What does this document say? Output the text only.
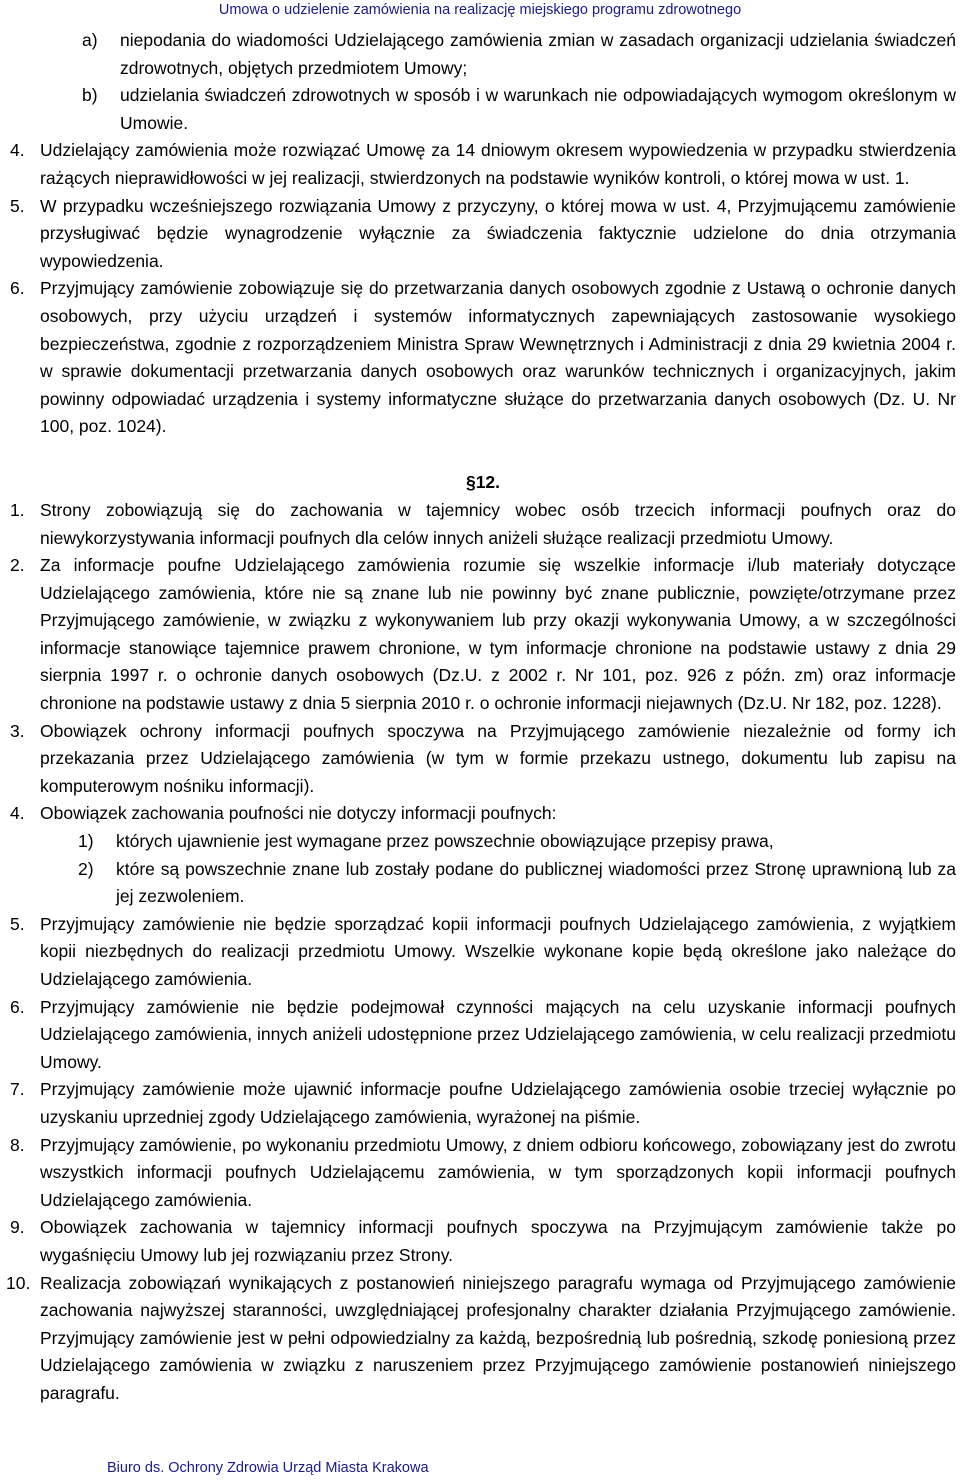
Umowa o udzielenie zamówienia na realizację miejskiego programu zdrowotnego
a) niepodania do wiadomości Udzielającego zamówienia zmian w zasadach organizacji udzielania świadczeń zdrowotnych, objętych przedmiotem Umowy;
b) udzielania świadczeń zdrowotnych w sposób i w warunkach nie odpowiadających wymogom określonym w Umowie.
4. Udzielający zamówienia może rozwiązać Umowę za 14 dniowym okresem wypowiedzenia w przypadku stwierdzenia rażących nieprawidłowości w jej realizacji, stwierdzonych na podstawie wyników kontroli, o której mowa w ust. 1.
5. W przypadku wcześniejszego rozwiązania Umowy z przyczyny, o której mowa w ust. 4, Przyjmującemu zamówienie przysługiwać będzie wynagrodzenie wyłącznie za świadczenia faktycznie udzielone do dnia otrzymania wypowiedzenia.
6. Przyjmujący zamówienie zobowiązuje się do przetwarzania danych osobowych zgodnie z Ustawą o ochronie danych osobowych, przy użyciu urządzeń i systemów informatycznych zapewniających zastosowanie wysokiego bezpieczeństwa, zgodnie z rozporządzeniem Ministra Spraw Wewnętrznych i Administracji z dnia 29 kwietnia 2004 r. w sprawie dokumentacji przetwarzania danych osobowych oraz warunków technicznych i organizacyjnych, jakim powinny odpowiadać urządzenia i systemy informatyczne służące do przetwarzania danych osobowych (Dz. U. Nr 100, poz. 1024).
§12.
1. Strony zobowiązują się do zachowania w tajemnicy wobec osób trzecich informacji poufnych oraz do niewykorzystywania informacji poufnych dla celów innych aniżeli służące realizacji przedmiotu Umowy.
2. Za informacje poufne Udzielającego zamówienia rozumie się wszelkie informacje i/lub materiały dotyczące Udzielającego zamówienia, które nie są znane lub nie powinny być znane publicznie, powzięte/otrzymane przez Przyjmującego zamówienie, w związku z wykonywaniem lub przy okazji wykonywania Umowy, a w szczególności informacje stanowiące tajemnice prawem chronione, w tym informacje chronione na podstawie ustawy z dnia 29 sierpnia 1997 r. o ochronie danych osobowych (Dz.U. z 2002 r. Nr 101, poz. 926 z późn. zm) oraz informacje chronione na podstawie ustawy z dnia 5 sierpnia 2010 r. o ochronie informacji niejawnych (Dz.U. Nr 182, poz. 1228).
3. Obowiązek ochrony informacji poufnych spoczywa na Przyjmującego zamówienie niezależnie od formy ich przekazania przez Udzielającego zamówienia (w tym w formie przekazu ustnego, dokumentu lub zapisu na komputerowym nośniku informacji).
4. Obowiązek zachowania poufności nie dotyczy informacji poufnych:
1) których ujawnienie jest wymagane przez powszechnie obowiązujące przepisy prawa,
2) które są powszechnie znane lub zostały podane do publicznej wiadomości przez Stronę uprawnioną lub za jej zezwoleniem.
5. Przyjmujący zamówienie nie będzie sporządzać kopii informacji poufnych Udzielającego zamówienia, z wyjątkiem kopii niezbędnych do realizacji przedmiotu Umowy. Wszelkie wykonane kopie będą określone jako należące do Udzielającego zamówienia.
6. Przyjmujący zamówienie nie będzie podejmował czynności mających na celu uzyskanie informacji poufnych Udzielającego zamówienia, innych aniżeli udostępnione przez Udzielającego zamówienia, w celu realizacji przedmiotu Umowy.
7. Przyjmujący zamówienie może ujawnić informacje poufne Udzielającego zamówienia osobie trzeciej wyłącznie po uzyskaniu uprzedniej zgody Udzielającego zamówienia, wyrażonej na piśmie.
8. Przyjmujący zamówienie, po wykonaniu przedmiotu Umowy, z dniem odbioru końcowego, zobowiązany jest do zwrotu wszystkich informacji poufnych Udzielającemu zamówienia, w tym sporządzonych kopii informacji poufnych Udzielającego zamówienia.
9. Obowiązek zachowania w tajemnicy informacji poufnych spoczywa na Przyjmującym zamówienie także po wygaśnięciu Umowy lub jej rozwiązaniu przez Strony.
10. Realizacja zobowiązań wynikających z postanowień niniejszego paragrafu wymaga od Przyjmującego zamówienie zachowania najwyższej staranności, uwzględniającej profesjonalny charakter działania Przyjmującego zamówienie. Przyjmujący zamówienie jest w pełni odpowiedzialny za każdą, bezpośrednią lub pośrednią, szkodę poniesioną przez Udzielającego zamówienia w związku z naruszeniem przez Przyjmującego zamówienie postanowień niniejszego paragrafu.
Biuro ds. Ochrony Zdrowia Urząd Miasta Krakowa
